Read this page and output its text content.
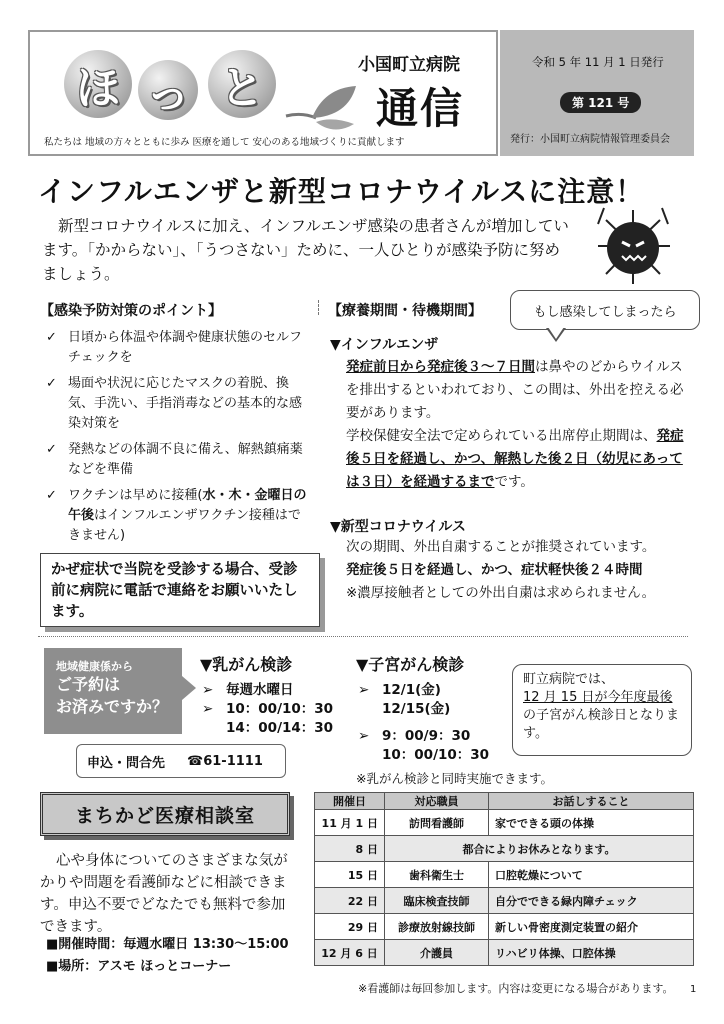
ほ っ と	小国町立病院
通信
私たちは 地域の方々とともに歩み 医療を通して 安心のある地域づくりに貢献します
令和 5 年 11 月 1 日発行
第 121 号
発行：小国町立病院情報管理委員会
インフルエンザと新型コロナウイルスに注意！
新型コロナウイルスに加え、インフルエンザ感染の患者さんが増加しています。「かからない」、「うつさない」ために、一人ひとりが感染予防に努めましょう。
【感染予防対策のポイント】
✓ 日頃から体温や体調や健康状態のセルフチェックを
✓ 場面や状況に応じたマスクの着脱、換気、手洗い、手指消毒などの基本的な感染対策を
✓ 発熱などの体調不良に備え、解熱鎮痛薬などを準備
✓ ワクチンは早めに接種(水・木・金曜日の午後はインフルエンザワクチン接種はできません)
かぜ症状で当院を受診する場合、受診前に病院に電話で連絡をお願いいたします。
【療養期間・待機期間】	もし感染してしまったら
▼インフルエンザ
発症前日から発症後３～７日間は鼻やのどからウイルスを排出するといわれており、この間は、外出を控える必要があります。
学校保健安全法で定められている出席停止期間は、発症後５日を経過し、かつ、解熱した後２日（幼児にあっては３日）を経過するまでです。
▼新型コロナウイルス
次の期間、外出自粛することが推奨されています。
発症後５日を経過し、かつ、症状軽快後２４時間
※濃厚接触者としての外出自粛は求められません。
地域健康係から
ご予約は
お済みですか？
申込・問合先 ☎61-1111
▼乳がん検診
➢ 毎週水曜日
➢ 10：00/10：30
14：00/14：30
▼子宮がん検診
➢ 12/1(金)
12/15(金)
➢ 9：00/9：30
10：00/10：30
※乳がん検診と同時実施できます。
町立病院では、
12 月 15 日が今年度最後
の子宮がん検診日となります。
まちかど医療相談室
心や身体についてのさまざまな気がかりや問題を看護師などに相談できます。申込不要でどなたでも無料で参加できます。
■開催時間：毎週水曜日 13:30～15:00
■場所：アスモ ほっとコーナー
開催日	対応職員	お話しすること
11 月 1 日	訪問看護師	家でできる頭の体操
8 日	都合によりお休みとなります。	
15 日	歯科衛生士	口腔乾燥について
22 日	臨床検査技師	自分でできる緑内障チェック
29 日	診療放射線技師	新しい骨密度測定装置の紹介
12 月 6 日	介護員	リハビリ体操、口腔体操
※看護師は毎回参加します。内容は変更になる場合があります。 1
